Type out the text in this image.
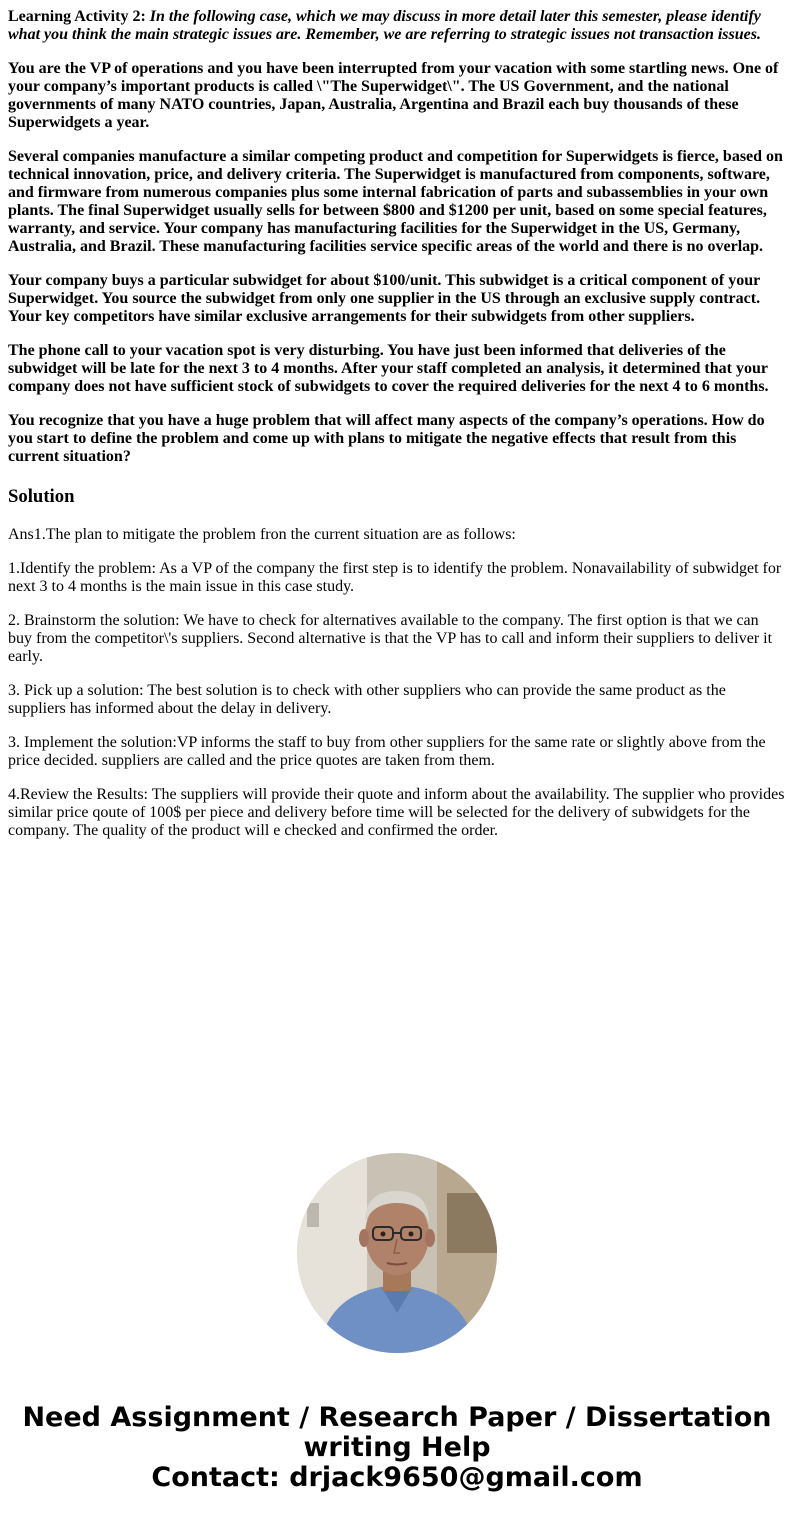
Learning Activity 2: In the following case, which we may discuss in more detail later this semester, please identify what you think the main strategic issues are. Remember, we are referring to strategic issues not transaction issues.

You are the VP of operations and you have been interrupted from your vacation with some startling news. One of your company’s important products is called \"The Superwidget\". The US Government, and the national governments of many NATO countries, Japan, Australia, Argentina and Brazil each buy thousands of these Superwidgets a year.

Several companies manufacture a similar competing product and competition for Superwidgets is fierce, based on technical innovation, price, and delivery criteria. The Superwidget is manufactured from components, software, and firmware from numerous companies plus some internal fabrication of parts and subassemblies in your own plants. The final Superwidget usually sells for between $800 and $1200 per unit, based on some special features, warranty, and service. Your company has manufacturing facilities for the Superwidget in the US, Germany, Australia, and Brazil. These manufacturing facilities service specific areas of the world and there is no overlap.

Your company buys a particular subwidget for about $100/unit. This subwidget is a critical component of your Superwidget. You source the subwidget from only one supplier in the US through an exclusive supply contract. Your key competitors have similar exclusive arrangements for their subwidgets from other suppliers.

The phone call to your vacation spot is very disturbing. You have just been informed that deliveries of the subwidget will be late for the next 3 to 4 months. After your staff completed an analysis, it determined that your company does not have sufficient stock of subwidgets to cover the required deliveries for the next 4 to 6 months.

You recognize that you have a huge problem that will affect many aspects of the company’s operations. How do you start to define the problem and come up with plans to mitigate the negative effects that result from this current situation?

Solution

Ans1.The plan to mitigate the problem fron the current situation are as follows:

1.Identify the problem: As a VP of the company the first step is to identify the problem. Nonavailability of subwidget for next 3 to 4 months is the main issue in this case study.

2. Brainstorm the solution: We have to check for alternatives available to the company. The first option is that we can buy from the competitor\'s suppliers. Second alternative is that the VP has to call and inform their suppliers to deliver it early.

3. Pick up a solution: The best solution is to check with other suppliers who can provide the same product as the suppliers has informed about the delay in delivery.

3. Implement the solution:VP informs the staff to buy from other suppliers for the same rate or slightly above from the price decided. suppliers are called and the price quotes are taken from them.

4.Review the Results: The suppliers will provide their quote and inform about the availability. The supplier who provides similar price qoute of 100$ per piece and delivery before time will be selected for the delivery of subwidgets for the company. The quality of the product will e checked and confirmed the order.

Need Assignment / Research Paper / Dissertation writing Help
Contact: drjack9650@gmail.com
